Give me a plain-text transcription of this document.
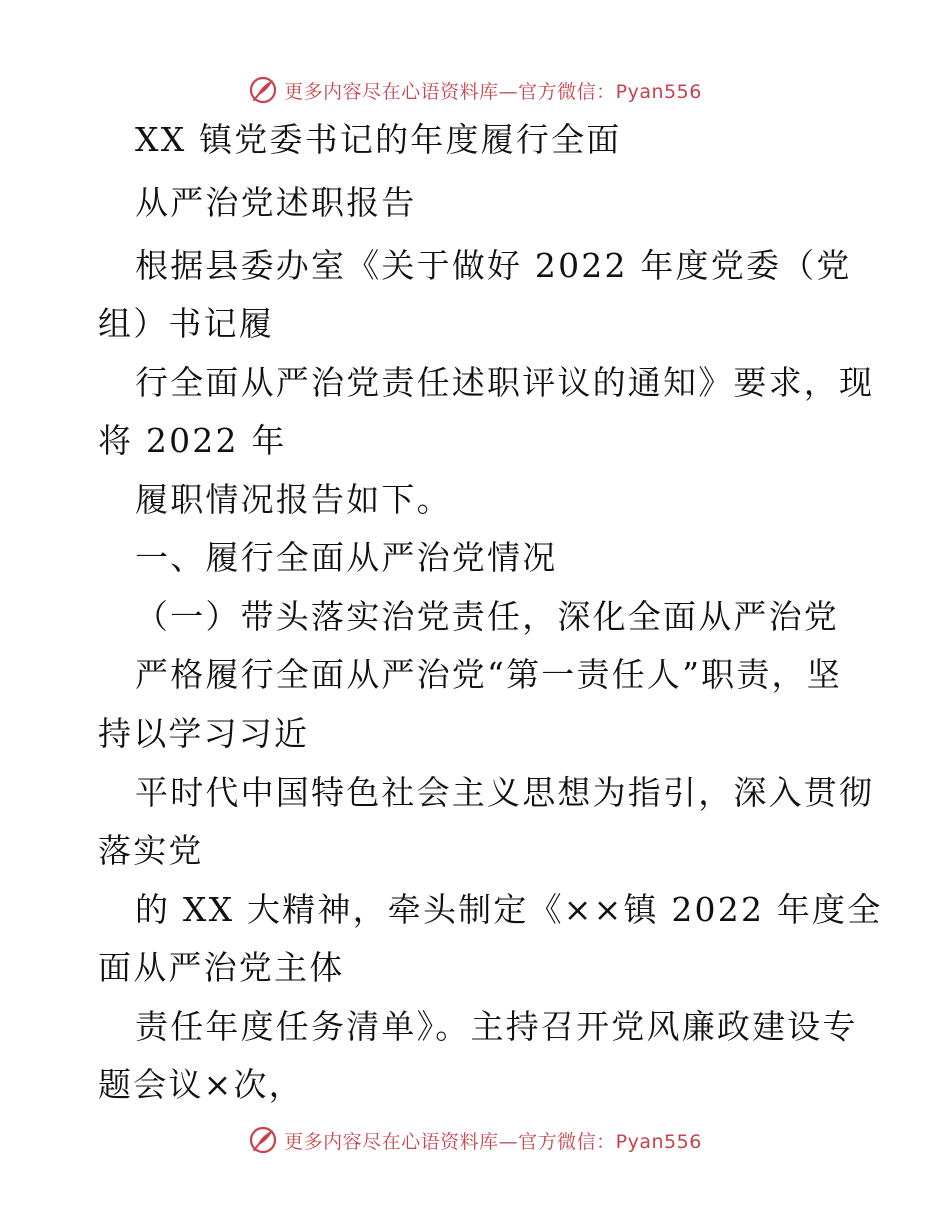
更多内容尽在心语资料库—官方微信：Pyan556
XX 镇党委书记的年度履行全面
从严治党述职报告
根据县委办室《关于做好 2022 年度党委（党
组）书记履
行全面从严治党责任述职评议的通知》要求，现
将 2022 年
履职情况报告如下。
一、履行全面从严治党情况
（一）带头落实治党责任，深化全面从严治党
严格履行全面从严治党“第一责任人”职责，坚
持以学习习近
平时代中国特色社会主义思想为指引，深入贯彻
落实党
的 XX 大精神，牵头制定《××镇 2022 年度全
面从严治党主体
责任年度任务清单》。主持召开党风廉政建设专
题会议×次，
更多内容尽在心语资料库—官方微信：Pyan556
